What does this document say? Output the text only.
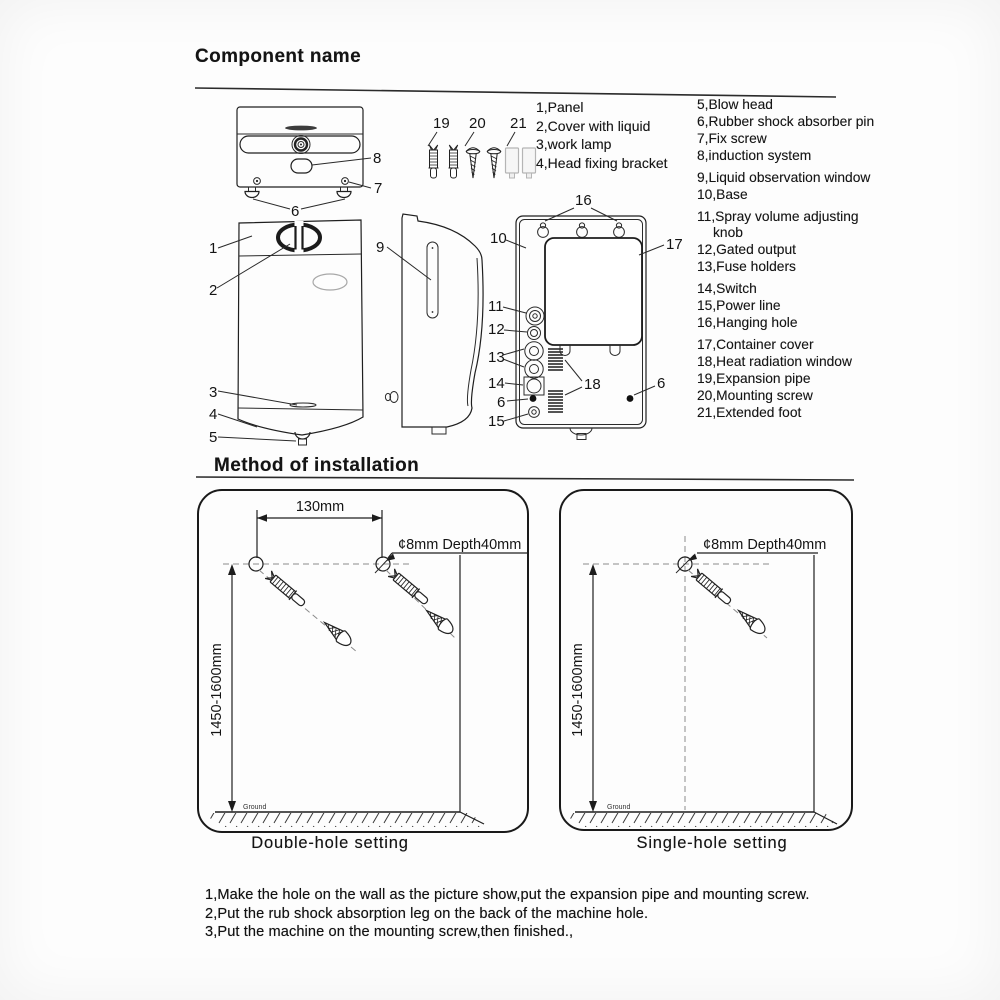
Component name
8
7
6
19 20 21
1,Panel
2,Cover with liquid
3,work lamp
4,Head fixing bracket
5,Blow head
6,Rubber shock absorber pin
7,Fix screw
8,induction system
9,Liquid observation window
10,Base
11,Spray volume adjusting knob
12,Gated output
13,Fuse holders
14,Switch
15,Power line
16,Hanging hole
17,Container cover
18,Heat radiation window
19,Expansion pipe
20,Mounting screw
21,Extended foot
1
2
3
4
5
9
16
17
10
11
12
13
14
6
15
18	6
Method of installation
130mm
¢8mm Depth40mm
1450-1600mm
Ground
¢8mm Depth40mm
1450-1600mm
Ground
Double-hole setting	Single-hole setting
1,Make the hole on the wall as the picture show,put the expansion pipe and mounting screw.
2,Put the rub shock absorption leg on the back of the machine hole.
3,Put the machine on the mounting screw,then finished.,
